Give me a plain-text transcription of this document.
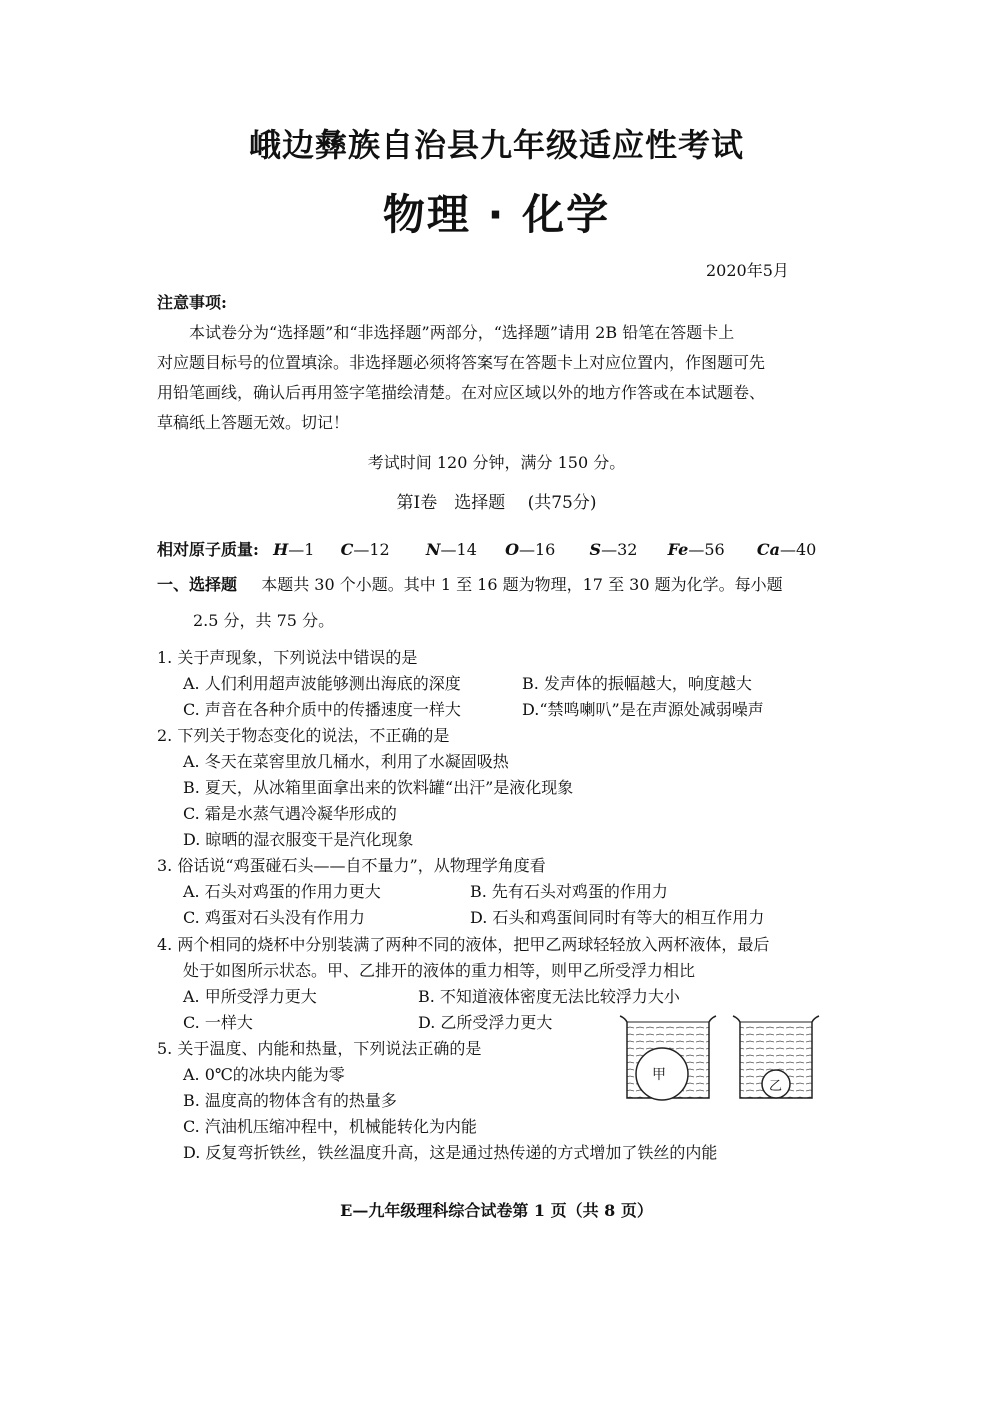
峨边彝族自治县九年级适应性考试
物理 · 化学
2020年5月
注意事项:
本试卷分为“选择题”和“非选择题”两部分，“选择题”请用 2B 铅笔在答题卡上
对应题目标号的位置填涂。非选择题必须将答案写在答题卡上对应位置内，作图题可先
用铅笔画线，确认后再用签字笔描绘清楚。在对应区域以外的地方作答或在本试题卷、
草稿纸上答题无效。切记！
考试时间 120 分钟，满分 150 分。
第Ⅰ卷　选择题　 (共75分)
相对原子质量: H—1 C—12 N—14 O—16 S—32 Fe—56 Ca—40
一、选择题 本题共 30 个小题。其中 1 至 16 题为物理，17 至 30 题为化学。每小题
2.5 分，共 75 分。
1. 关于声现象，下列说法中错误的是
A. 人们利用超声波能够测出海底的深度	B. 发声体的振幅越大，响度越大
C. 声音在各种介质中的传播速度一样大	D.“禁鸣喇叭”是在声源处减弱噪声
2. 下列关于物态变化的说法，不正确的是
A. 冬天在菜窖里放几桶水，利用了水凝固吸热
B. 夏天，从冰箱里面拿出来的饮料罐“出汗”是液化现象
C. 霜是水蒸气遇冷凝华形成的
D. 晾晒的湿衣服变干是汽化现象
3. 俗话说“鸡蛋碰石头——自不量力”，从物理学角度看
A. 石头对鸡蛋的作用力更大	B. 先有石头对鸡蛋的作用力
C. 鸡蛋对石头没有作用力	D. 石头和鸡蛋间同时有等大的相互作用力
4. 两个相同的烧杯中分别装满了两种不同的液体，把甲乙两球轻轻放入两杯液体，最后
处于如图所示状态。甲、乙排开的液体的重力相等，则甲乙所受浮力相比
A. 甲所受浮力更大	B. 不知道液体密度无法比较浮力大小
C. 一样大	D. 乙所受浮力更大
甲
乙
5. 关于温度、内能和热量，下列说法正确的是
A. 0℃的冰块内能为零
B. 温度高的物体含有的热量多
C. 汽油机压缩冲程中，机械能转化为内能
D. 反复弯折铁丝，铁丝温度升高，这是通过热传递的方式增加了铁丝的内能
E—九年级理科综合试卷第 1 页（共 8 页）
